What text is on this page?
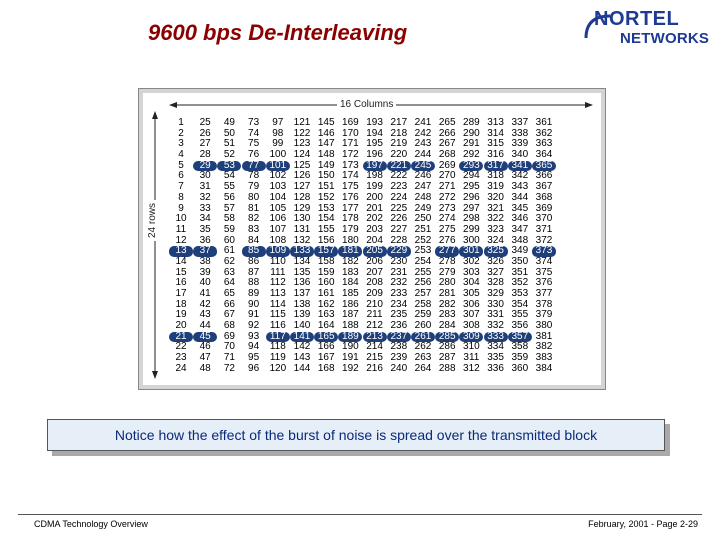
9600 bps De-Interleaving
NORTEL
NETWORKS
16 Columns
24 rows
1	25	49	73	97	121 145 169 193 217 241 265 289 313 337 361
2	26	50	74	98	122 146 170 194 218 242 266 290 314 338 362
3	27	51	75	99	123 147 171 195 219 243 267 291 315 339 363
4	28	52	76	100 124 148 172 196 220 244 268 292 316 340 364
5	29	53	77	101 125 149 173 197 221 245 269 293 317 341 365
6	30	54	78	102 126 150 174 198 222 246 270 294 318 342 366
7	31	55	79	103 127 151 175 199 223 247 271 295 319 343 367
8	32	56	80	104 128 152 176 200 224 248 272 296 320 344 368
9	33	57	81	105 129 153 177 201 225 249 273 297 321 345 369
10	34	58	82	106 130 154 178 202 226 250 274 298 322 346 370
11	35	59	83	107 131 155 179 203 227 251 275 299 323 347 371
12	36	60	84	108 132 156 180 204 228 252 276 300 324 348 372
13	37	61	85	109 133 157 181 205 229 253 277 301 325 349 373
14	38	62	86	110 134 158 182 206 230 254 278 302 326 350 374
15	39	63	87	111 135 159 183 207 231 255 279 303 327 351 375
16	40	64	88	112 136 160 184 208 232 256 280 304 328 352 376
17	41	65	89	113 137 161 185 209 233 257 281 305 329 353 377
18	42	66	90	114 138 162 186 210 234 258 282 306 330 354 378
19	43	67	91	115 139 163 187 211 235 259 283 307 331 355 379
20	44	68	92	116 140 164 188 212 236 260 284 308 332 356 380
21	45	69	93	117 141 165 189 213 237 261 285 309 333 357 381
22	46	70	94	118 142 166 190 214 238 262 286 310 334 358 382
23	47	71	95	119 143 167 191 215 239 263 287 311 335 359 383
24	48	72	96	120 144 168 192 216 240 264 288 312 336 360 384
Notice how the effect of the burst of noise is spread over the transmitted block
CDMA Technology Overview	February, 2001 - Page 2-29
